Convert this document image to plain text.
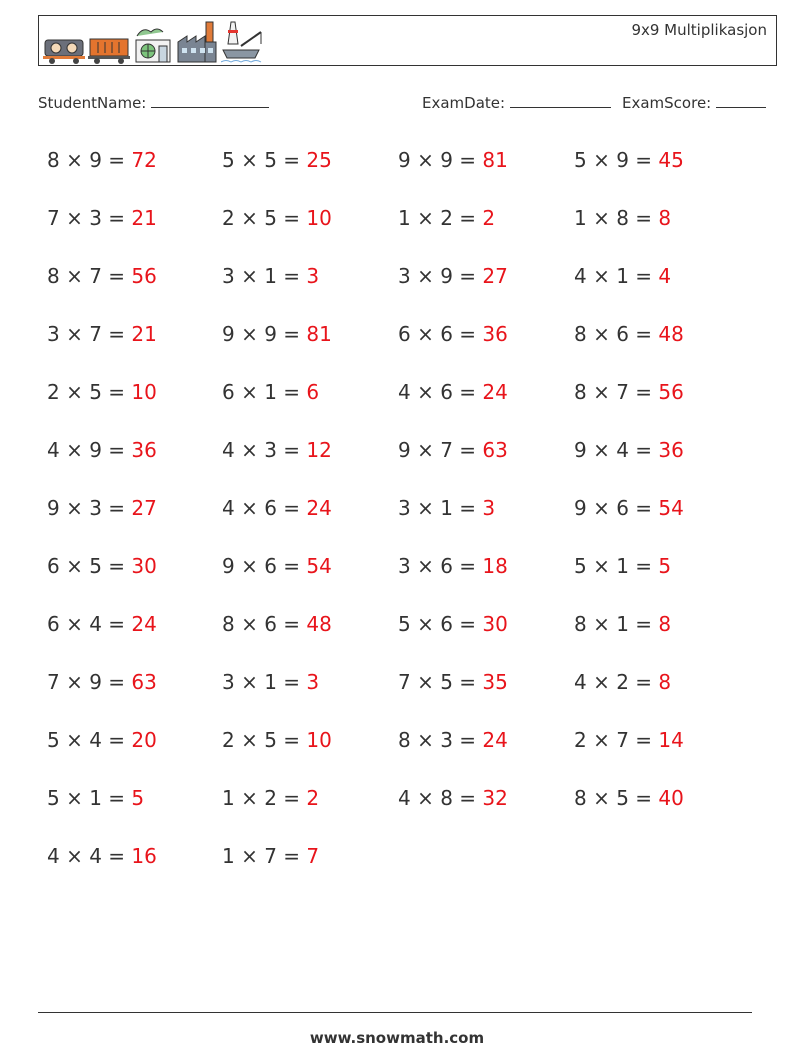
9x9 Multiplikasjon
StudentName:	ExamDate:	ExamScore:
8 × 9 = 72	5 × 5 = 25	9 × 9 = 81	5 × 9 = 45
7 × 3 = 21	2 × 5 = 10	1 × 2 = 2	1 × 8 = 8
8 × 7 = 56	3 × 1 = 3	3 × 9 = 27	4 × 1 = 4
3 × 7 = 21	9 × 9 = 81	6 × 6 = 36	8 × 6 = 48
2 × 5 = 10	6 × 1 = 6	4 × 6 = 24	8 × 7 = 56
4 × 9 = 36	4 × 3 = 12	9 × 7 = 63	9 × 4 = 36
9 × 3 = 27	4 × 6 = 24	3 × 1 = 3	9 × 6 = 54
6 × 5 = 30	9 × 6 = 54	3 × 6 = 18	5 × 1 = 5
6 × 4 = 24	8 × 6 = 48	5 × 6 = 30	8 × 1 = 8
7 × 9 = 63	3 × 1 = 3	7 × 5 = 35	4 × 2 = 8
5 × 4 = 20	2 × 5 = 10	8 × 3 = 24	2 × 7 = 14
5 × 1 = 5	1 × 2 = 2	4 × 8 = 32	8 × 5 = 40
4 × 4 = 16	1 × 7 = 7
www.snowmath.com
